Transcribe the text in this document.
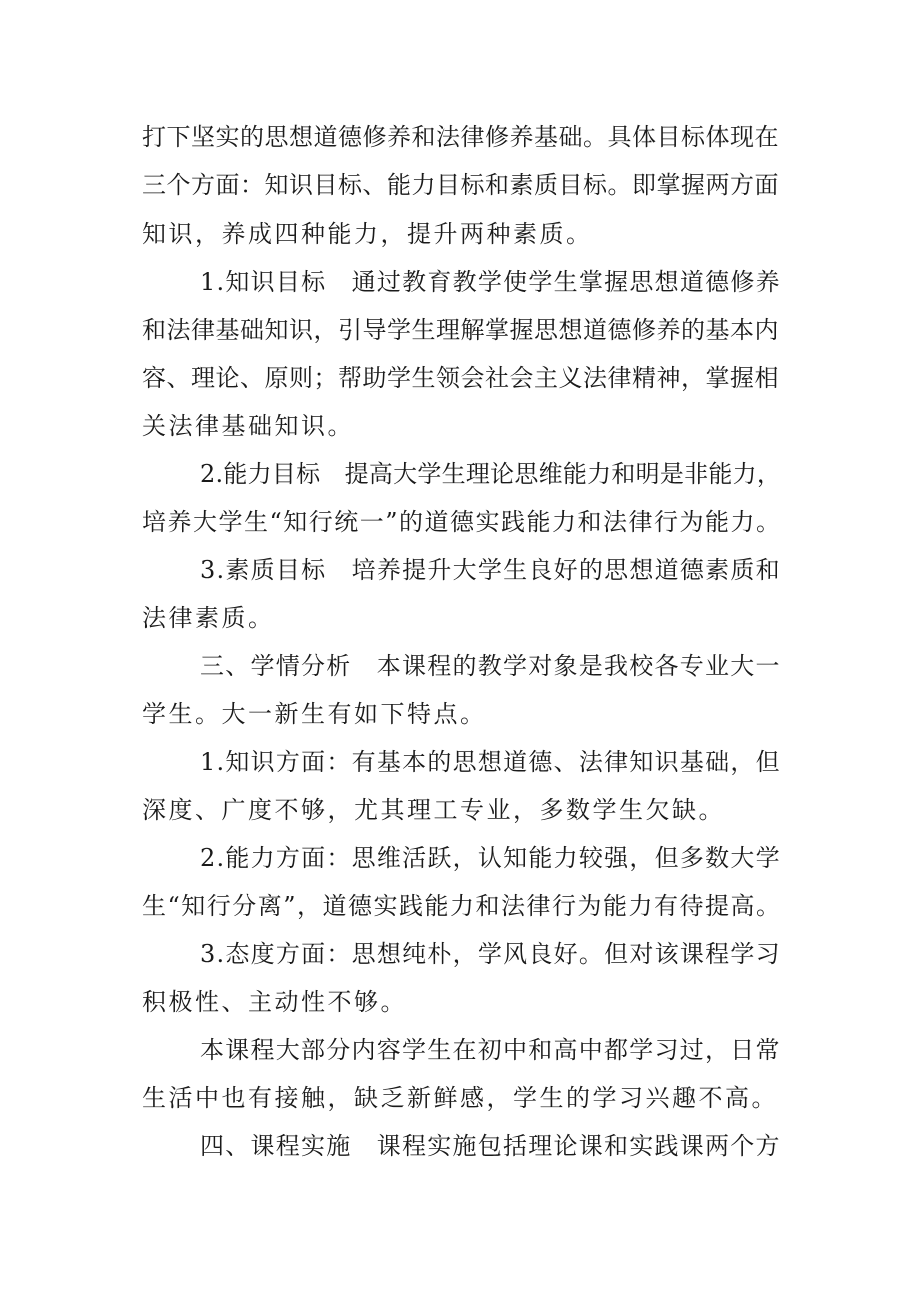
打下坚实的思想道德修养和法律修养基础。具体目标体现在
三个方面：知识目标、能力目标和素质目标。即掌握两方面
知识，养成四种能力，提升两种素质。
1.知识目标　通过教育教学使学生掌握思想道德修养
和法律基础知识，引导学生理解掌握思想道德修养的基本内
容、理论、原则；帮助学生领会社会主义法律精神，掌握相
关法律基础知识。
2.能力目标　提高大学生理论思维能力和明是非能力，
培养大学生“知行统一”的道德实践能力和法律行为能力。
3.素质目标　培养提升大学生良好的思想道德素质和
法律素质。
三、学情分析　本课程的教学对象是我校各专业大一
学生。大一新生有如下特点。
1.知识方面：有基本的思想道德、法律知识基础，但
深度、广度不够，尤其理工专业，多数学生欠缺。
2.能力方面：思维活跃，认知能力较强，但多数大学
生“知行分离”，道德实践能力和法律行为能力有待提高。
3.态度方面：思想纯朴，学风良好。但对该课程学习
积极性、主动性不够。
本课程大部分内容学生在初中和高中都学习过，日常
生活中也有接触，缺乏新鲜感，学生的学习兴趣不高。
四、课程实施　课程实施包括理论课和实践课两个方
